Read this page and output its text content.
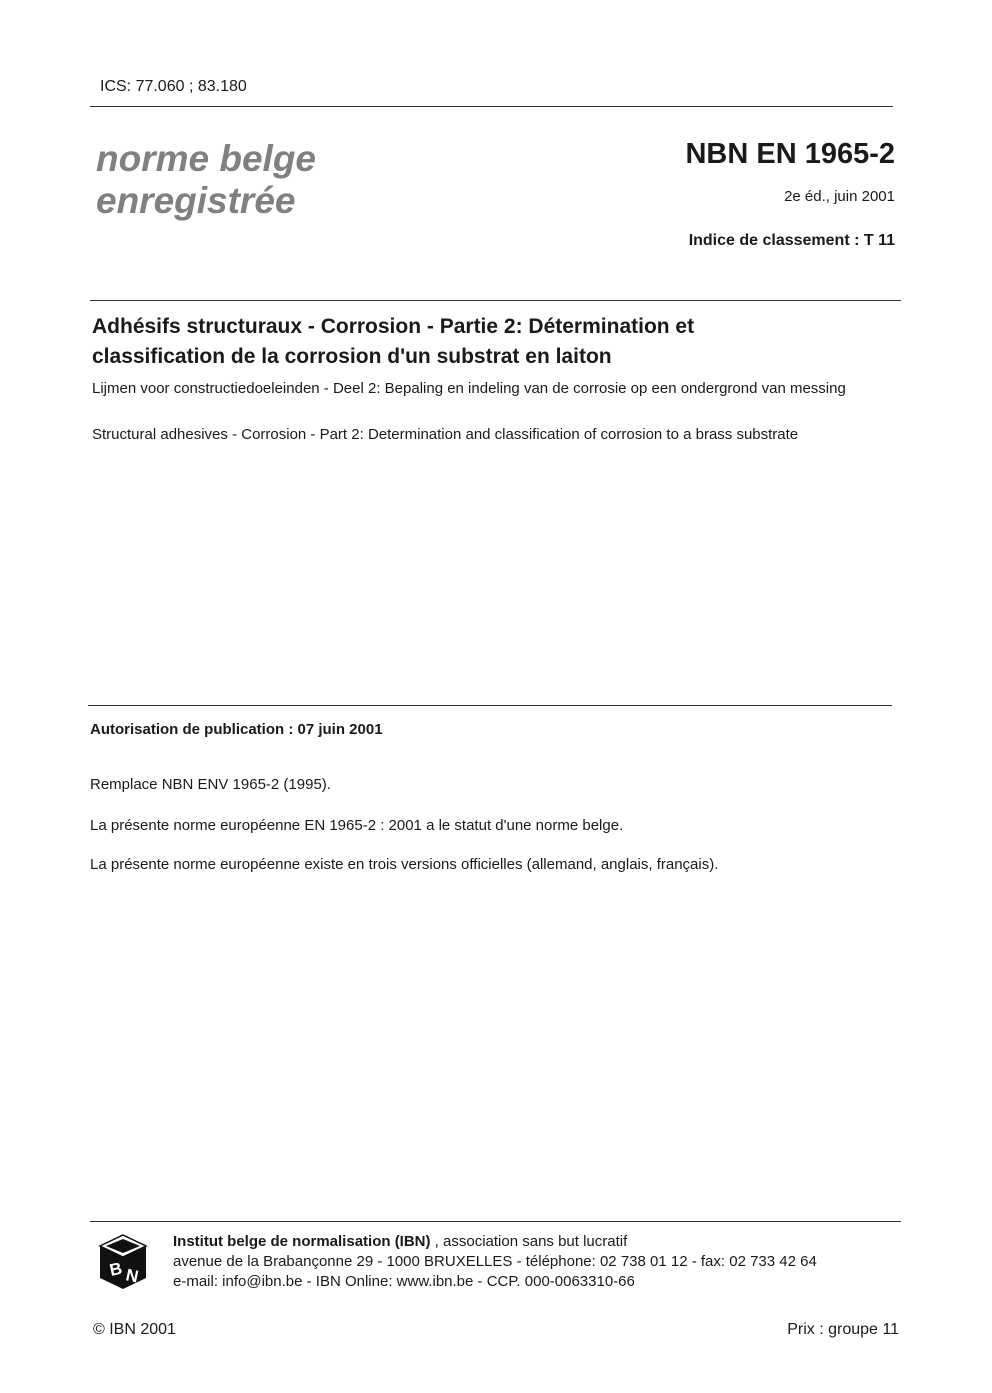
ICS: 77.060 ; 83.180
norme belge
enregistrée
NBN EN 1965-2
2e éd., juin 2001
Indice de classement : T 11
Adhésifs structuraux - Corrosion - Partie 2: Détermination et
classification de la corrosion d'un substrat en laiton
Lijmen voor constructiedoeleinden - Deel 2: Bepaling en indeling van de corrosie op een ondergrond van messing
Structural adhesives - Corrosion - Part 2: Determination and classification of corrosion to a brass substrate
Autorisation de publication : 07 juin 2001
Remplace NBN ENV 1965-2 (1995).
La présente norme européenne EN 1965-2 : 2001 a le statut d'une norme belge.
La présente norme européenne existe en trois versions officielles (allemand, anglais, français).
B N
Institut belge de normalisation (IBN) , association sans but lucratif
avenue de la Brabançonne 29 - 1000 BRUXELLES - téléphone: 02 738 01 12 - fax: 02 733 42 64
e-mail: info@ibn.be - IBN Online: www.ibn.be - CCP. 000-0063310-66
© IBN 2001	Prix : groupe 11
